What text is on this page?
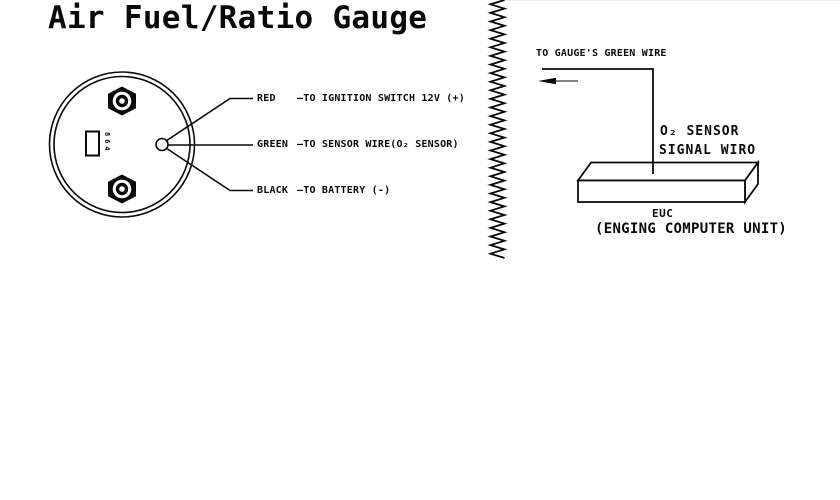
Air Fuel/Ratio Gauge
864
RED —TO IGNITION SWITCH 12V (+)
GREEN —TO SENSOR WIRE(O₂ SENSOR)
BLACK —TO BATTERY (-)
TO GAUGE'S GREEN WIRE
O₂ SENSOR
SIGNAL WIRO
EUC
(ENGING COMPUTER UNIT)
